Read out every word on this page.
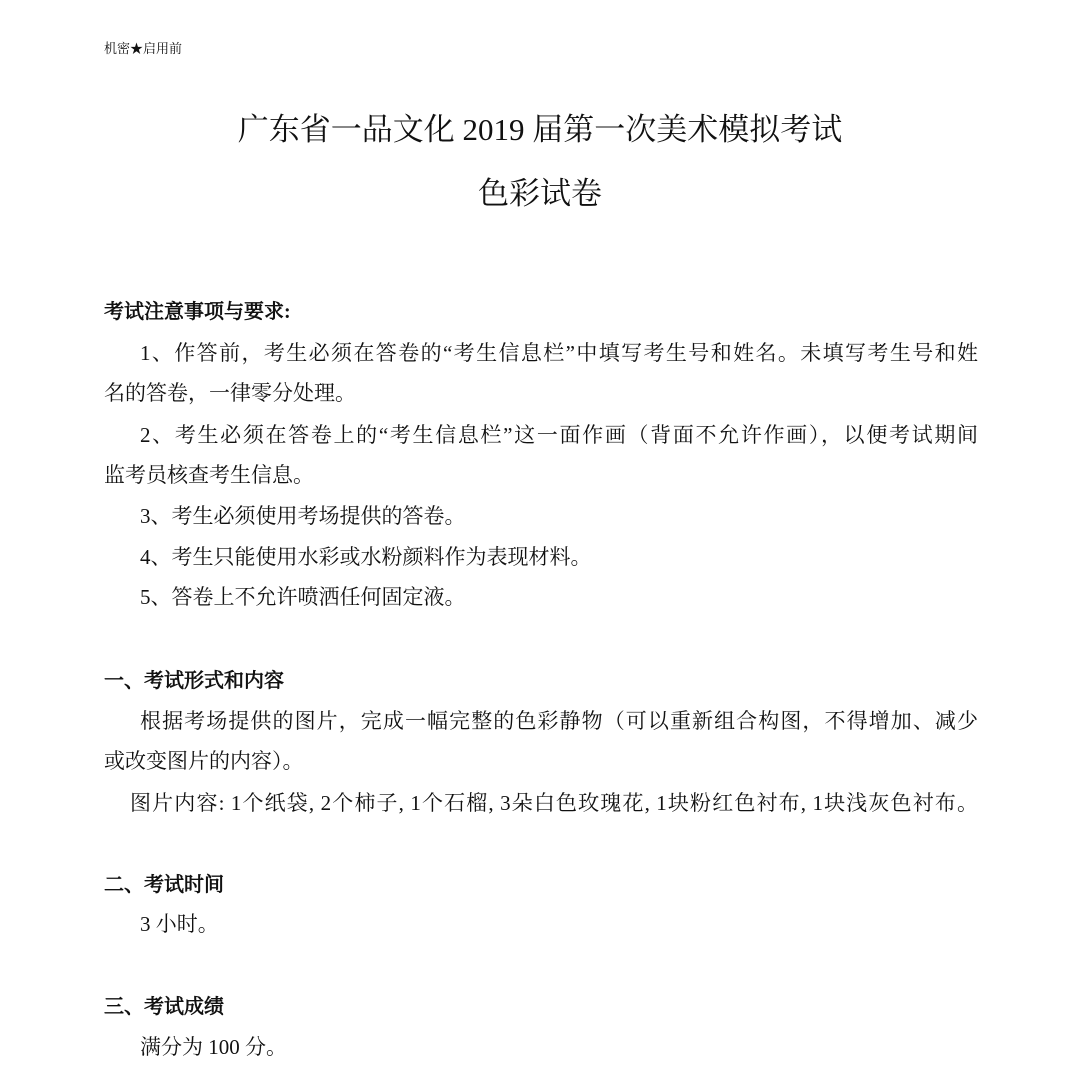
机密★启用前
广东省一品文化 2019 届第一次美术模拟考试
色彩试卷
考试注意事项与要求:
1、作答前，考生必须在答卷的“考生信息栏”中填写考生号和姓名。未填写考生号和姓
名的答卷，一律零分处理。
2、考生必须在答卷上的“考生信息栏”这一面作画（背面不允许作画），以便考试期间
监考员核查考生信息。
3、考生必须使用考场提供的答卷。
4、考生只能使用水彩或水粉颜料作为表现材料。
5、答卷上不允许喷洒任何固定液。
一、考试形式和内容
根据考场提供的图片，完成一幅完整的色彩静物（可以重新组合构图，不得增加、减少
或改变图片的内容）。
图片内容: 1个纸袋, 2个柿子, 1个石榴, 3朵白色玫瑰花, 1块粉红色衬布, 1块浅灰色衬布。
二、考试时间
3 小时。
三、考试成绩
满分为 100 分。
